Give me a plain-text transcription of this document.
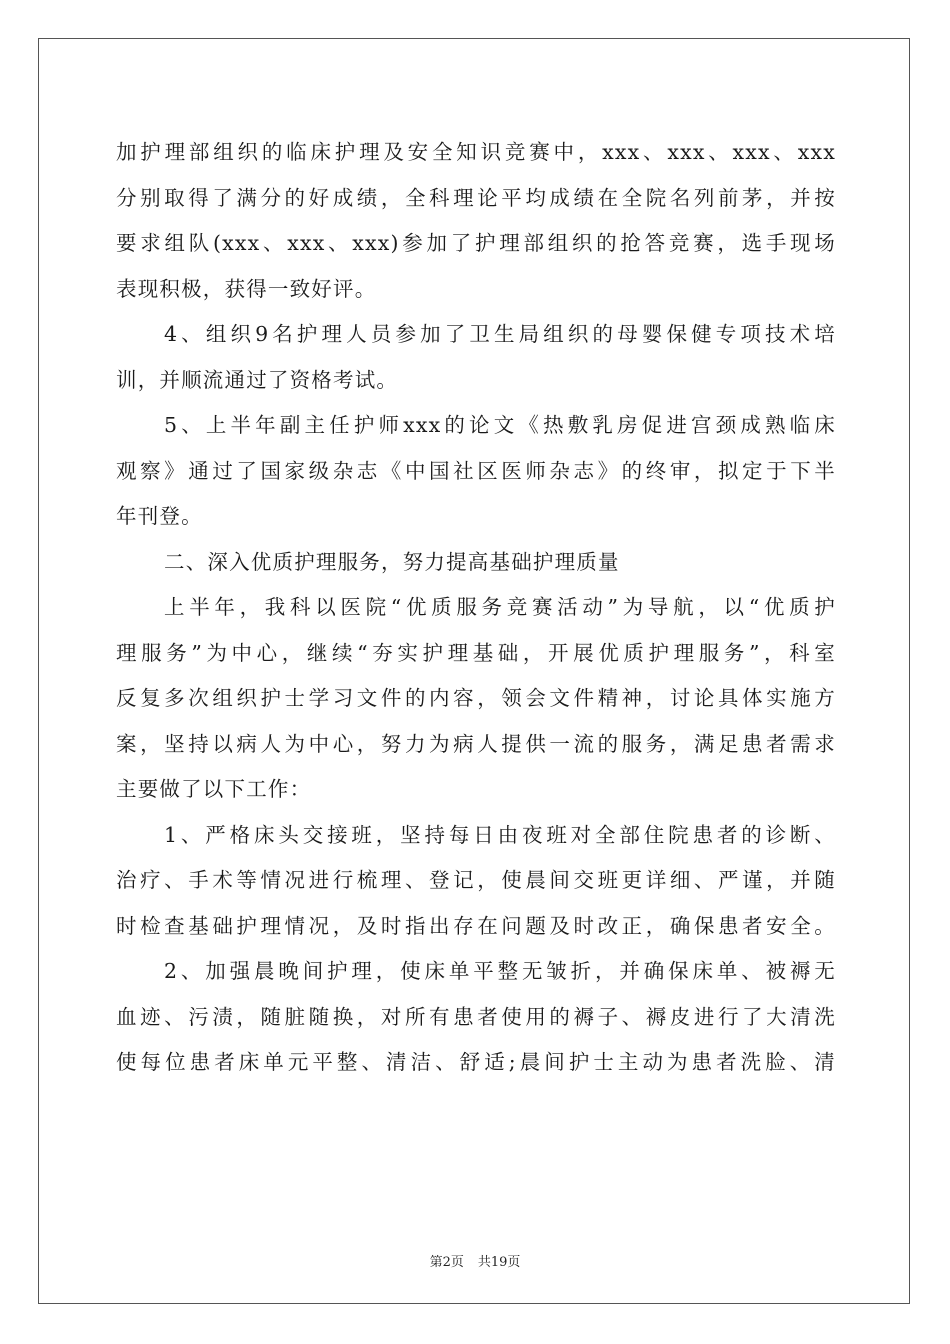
加护理部组织的临床护理及安全知识竞赛中，xxx、xxx、xxx、xxx
分别取得了满分的好成绩，全科理论平均成绩在全院名列前茅，并按
要求组队(xxx、xxx、xxx)参加了护理部组织的抢答竞赛，选手现场
表现积极，获得一致好评。
4、组织9名护理人员参加了卫生局组织的母婴保健专项技术培
训，并顺流通过了资格考试。
5、上半年副主任护师xxx的论文《热敷乳房促进宫颈成熟临床
观察》通过了国家级杂志《中国社区医师杂志》的终审，拟定于下半
年刊登。
二、深入优质护理服务，努力提高基础护理质量
上半年，我科以医院“优质服务竞赛活动”为导航，以“优质护
理服务”为中心，继续“夯实护理基础，开展优质护理服务”，科室
反复多次组织护士学习文件的内容，领会文件精神，讨论具体实施方
案，坚持以病人为中心，努力为病人提供一流的服务，满足患者需求
主要做了以下工作：
1、严格床头交接班，坚持每日由夜班对全部住院患者的诊断、
治疗、手术等情况进行梳理、登记，使晨间交班更详细、严谨，并随
时检查基础护理情况，及时指出存在问题及时改正，确保患者安全。
2、加强晨晚间护理，使床单平整无皱折，并确保床单、被褥无
血迹、污渍，随脏随换，对所有患者使用的褥子、褥皮进行了大清洗
使每位患者床单元平整、清洁、舒适;晨间护士主动为患者洗脸、清
第2页 共19页
